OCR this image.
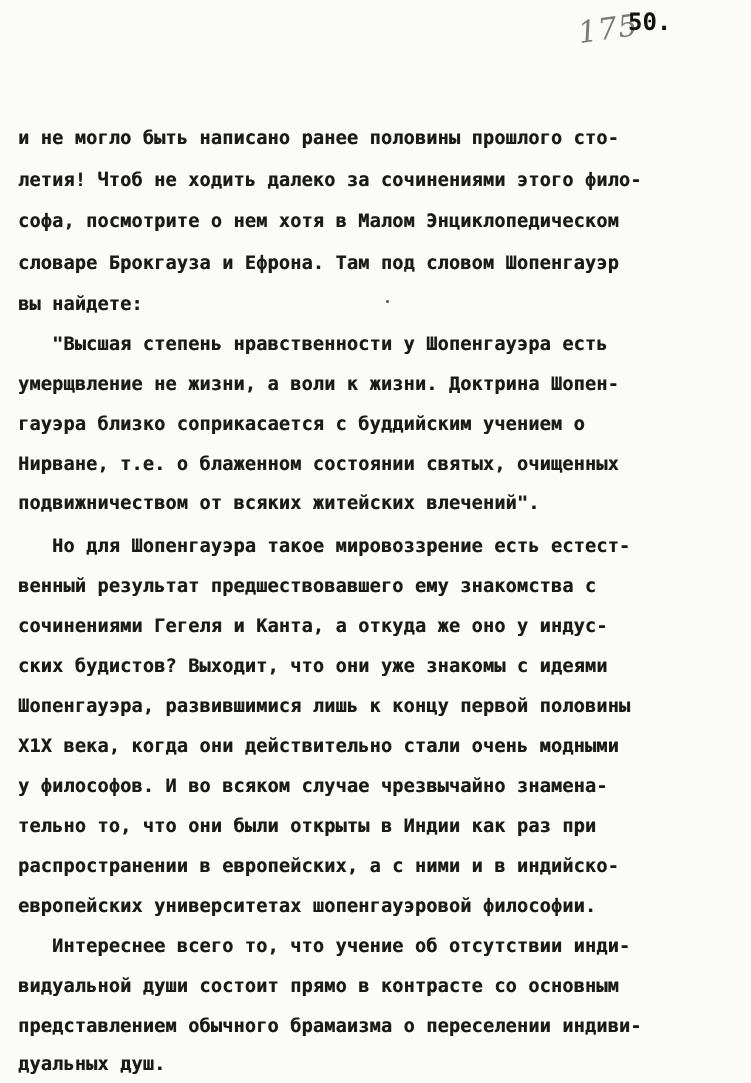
175
50.
и не могло быть написано ранее половины прошлого сто-
летия! Чтоб не ходить далеко за сочинениями этого фило-
софа, посмотрите о нем хотя в Малом Энциклопедическом
словаре Брокгауза и Ефрона. Там под словом Шопенгауэр
вы найдете:
"Высшая степень нравственности у Шопенгауэра есть
умерщвление не жизни, а воли к жизни. Доктрина Шопен-
гауэра близко соприкасается с буддийским учением о
Нирване, т.е. о блаженном состоянии святых, очищенных
подвижничеством от всяких житейских влечений".
Но для Шопенгауэра такое мировоззрение есть естест-
венный результат предшествовавшего ему знакомства с
сочинениями Гегеля и Канта, а откуда же оно у индус-
ских будистов? Выходит, что они уже знакомы с идеями
Шопенгауэра, развившимися лишь к концу первой половины
Х1Х века, когда они действительно стали очень модными
у философов. И во всяком случае чрезвычайно знамена-
тельно то, что они были открыты в Индии как раз при
распространении в европейских, а с ними и в индийско-
европейских университетах шопенгауэровой философии.
Интереснее всего то, что учение об отсутствии инди-
видуальной души состоит прямо в контрасте со основным
представлением обычного брамаизма о переселении индиви-
дуальных душ.
